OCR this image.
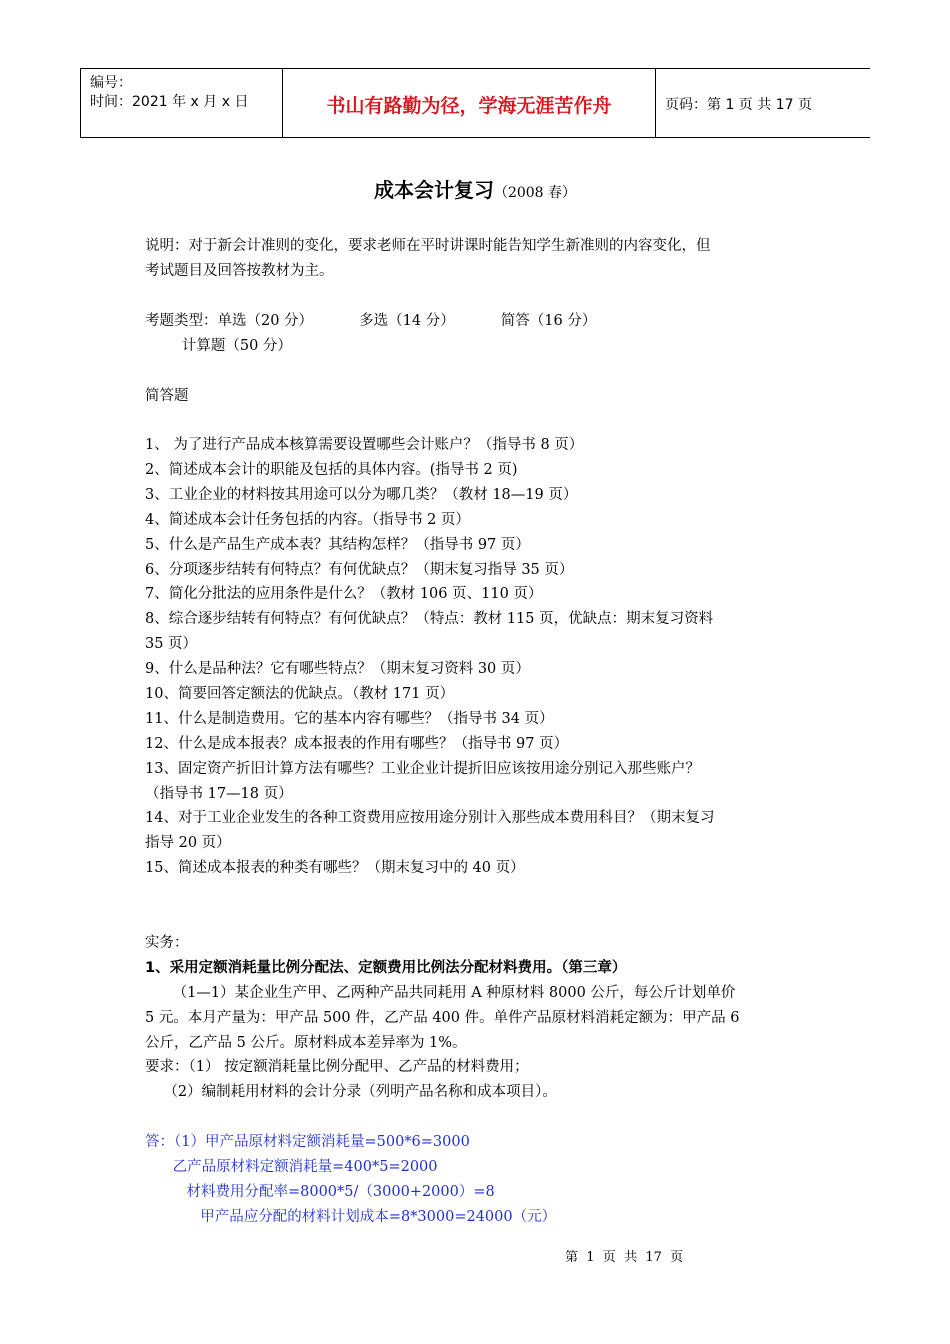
编号：
时间：2021 年 x 月 x 日	书山有路勤为径，学海无涯苦作舟	页码：第 1 页 共 17 页
成本会计复习（2008 春）
说明：对于新会计准则的变化，要求老师在平时讲课时能告知学生新准则的内容变化，但
考试题目及回答按教材为主。
考题类型：单选（20 分）          多选（14 分）          简答（16 分）
计算题（50 分）
简答题
1、 为了进行产品成本核算需要设置哪些会计账户？（指导书 8 页）
2、简述成本会计的职能及包括的具体内容。(指导书 2 页)
3、工业企业的材料按其用途可以分为哪几类？（教材 18—19 页）
4、简述成本会计任务包括的内容。（指导书 2 页）
5、什么是产品生产成本表？其结构怎样？（指导书 97 页）
6、分项逐步结转有何特点？有何优缺点？（期末复习指导 35 页）
7、简化分批法的应用条件是什么？（教材 106 页、110 页）
8、综合逐步结转有何特点？有何优缺点？（特点：教材 115 页，优缺点：期末复习资料
35 页）
9、什么是品种法？它有哪些特点？（期末复习资料 30 页）
10、简要回答定额法的优缺点。（教材 171 页）
11、什么是制造费用。它的基本内容有哪些？（指导书 34 页）
12、什么是成本报表？成本报表的作用有哪些？（指导书 97 页）
13、固定资产折旧计算方法有哪些？工业企业计提折旧应该按用途分别记入那些账户？
（指导书 17—18 页）
14、对于工业企业发生的各种工资费用应按用途分别计入那些成本费用科目？（期末复习
指导 20 页）
15、简述成本报表的种类有哪些？（期末复习中的 40 页）
实务：
1、采用定额消耗量比例分配法、定额费用比例法分配材料费用。（第三章）
（1—1）某企业生产甲、乙两种产品共同耗用 A 种原材料 8000 公斤，每公斤计划单价
5 元。本月产量为：甲产品 500 件，乙产品 400 件。单件产品原材料消耗定额为：甲产品 6
公斤，乙产品 5 公斤。原材料成本差异率为 1%。
要求：（1） 按定额消耗量比例分配甲、乙产品的材料费用；
（2）编制耗用材料的会计分录（列明产品名称和成本项目）。
答：（1）甲产品原材料定额消耗量=500*6=3000
乙产品原材料定额消耗量=400*5=2000
材料费用分配率=8000*5/（3000+2000）=8
甲产品应分配的材料计划成本=8*3000=24000（元）
第  1  页  共  17  页
